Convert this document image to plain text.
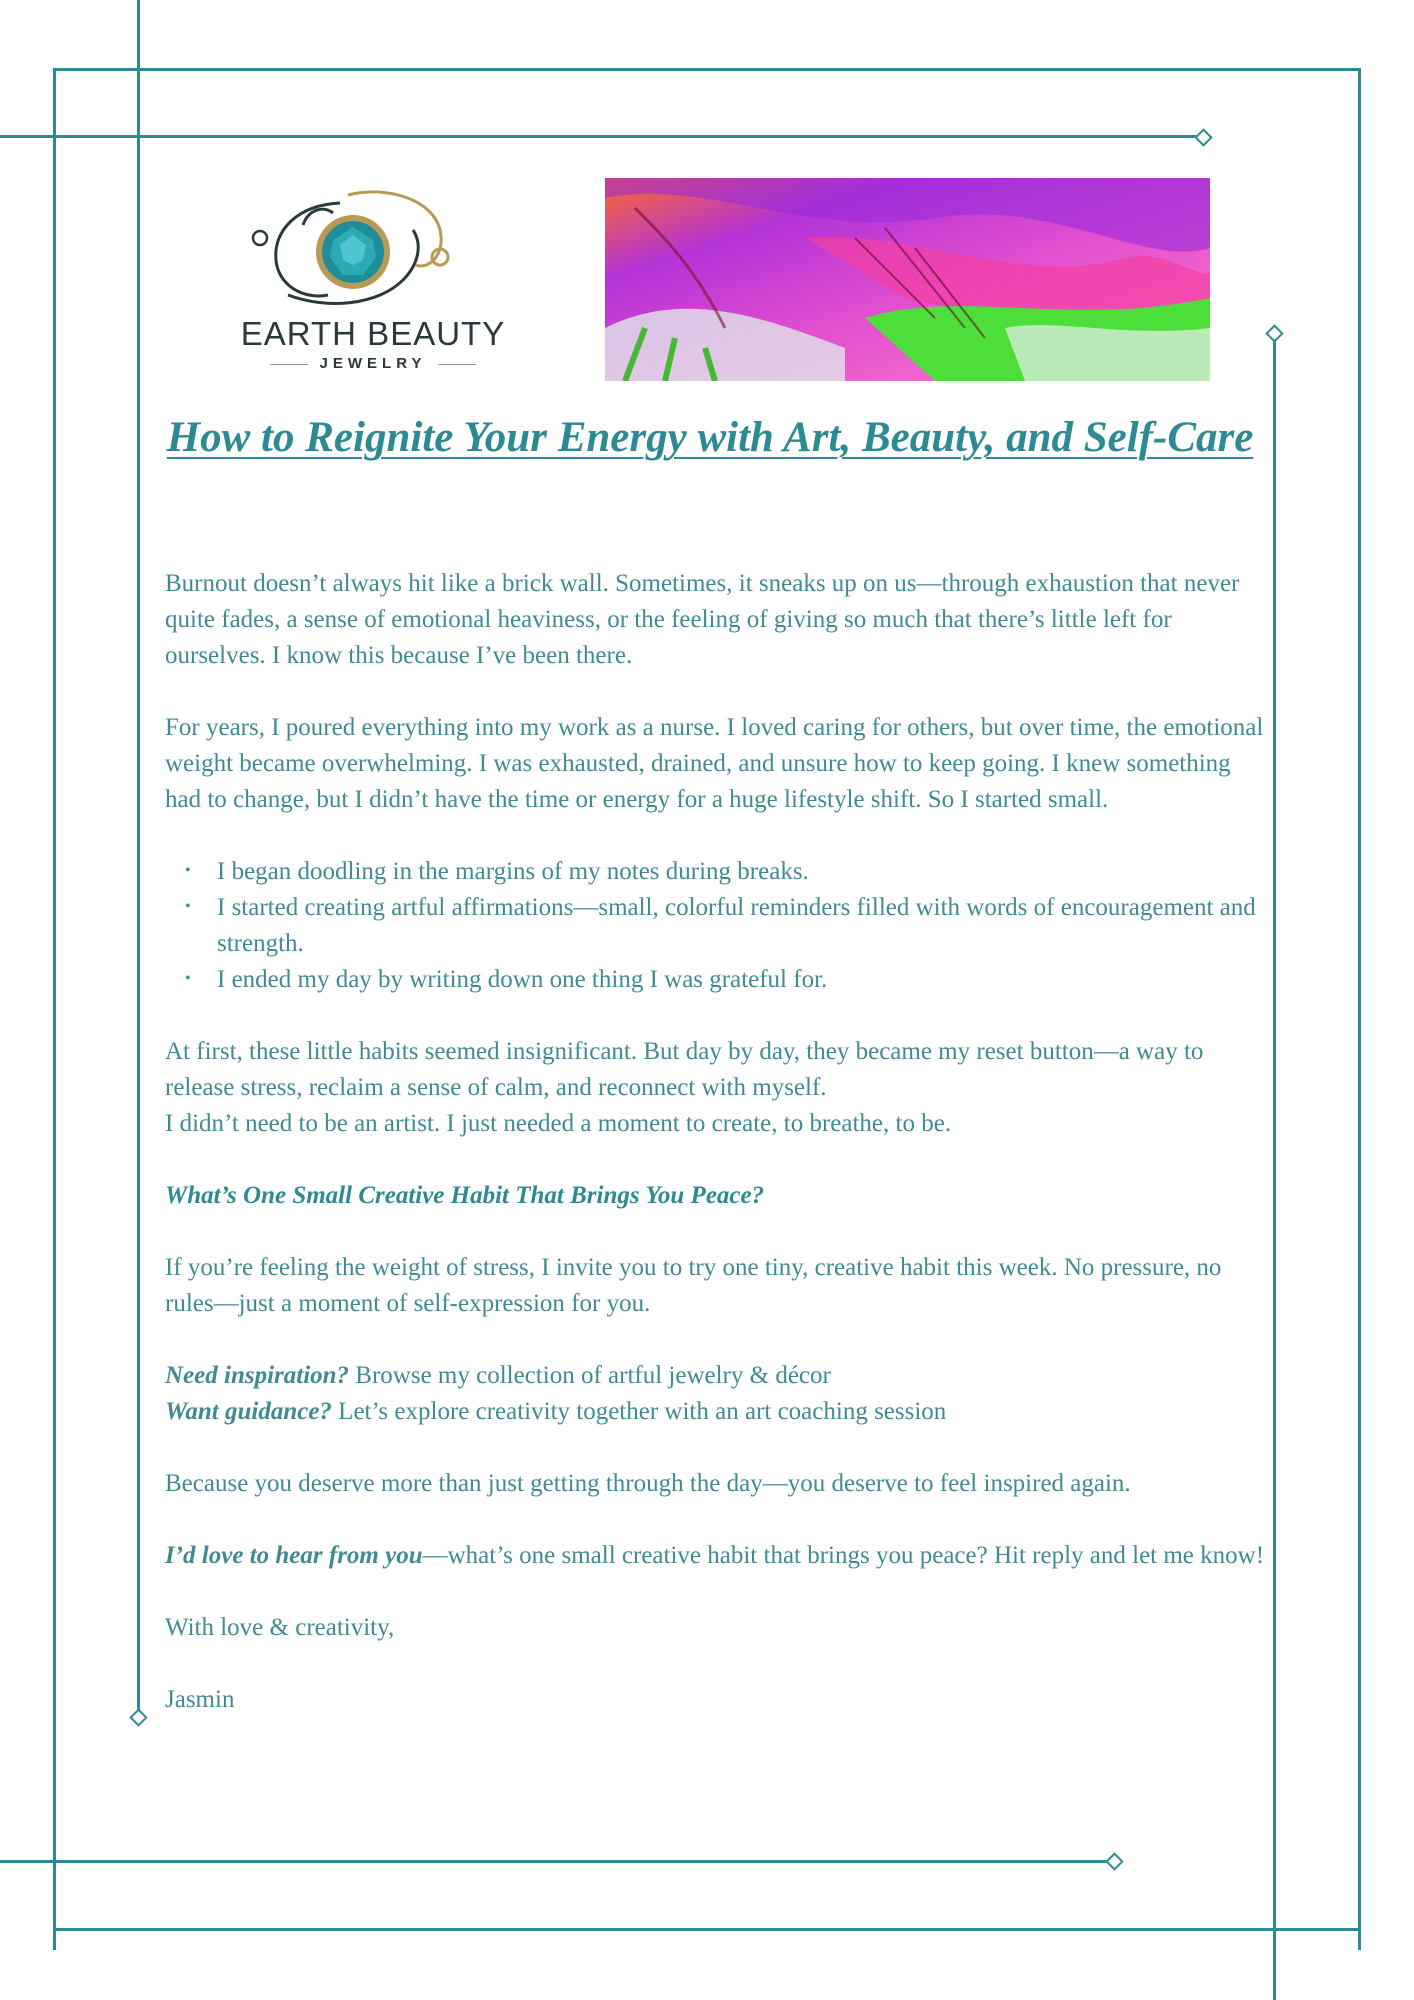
EARTH BEAUTY
JEWELRY
How to Reignite Your Energy with Art, Beauty, and Self-Care

Burnout doesn’t always hit like a brick wall. Sometimes, it sneaks up on us—through exhaustion that never quite fades, a sense of emotional heaviness, or the feeling of giving so much that there’s little left for ourselves. I know this because I’ve been there.

For years, I poured everything into my work as a nurse. I loved caring for others, but over time, the emotional weight became overwhelming. I was exhausted, drained, and unsure how to keep going. I knew something had to change, but I didn’t have the time or energy for a huge lifestyle shift. So I started small.

• I began doodling in the margins of my notes during breaks.
• I started creating artful affirmations—small, colorful reminders filled with words of encouragement and strength.
• I ended my day by writing down one thing I was grateful for.

At first, these little habits seemed insignificant. But day by day, they became my reset button—a way to release stress, reclaim a sense of calm, and reconnect with myself.
I didn’t need to be an artist. I just needed a moment to create, to breathe, to be.

What’s One Small Creative Habit That Brings You Peace?

If you’re feeling the weight of stress, I invite you to try one tiny, creative habit this week. No pressure, no rules—just a moment of self-expression for you.

Need inspiration? Browse my collection of artful jewelry & décor
Want guidance? Let’s explore creativity together with an art coaching session

Because you deserve more than just getting through the day—you deserve to feel inspired again.

I’d love to hear from you—what’s one small creative habit that brings you peace? Hit reply and let me know!

With love & creativity,

Jasmin
